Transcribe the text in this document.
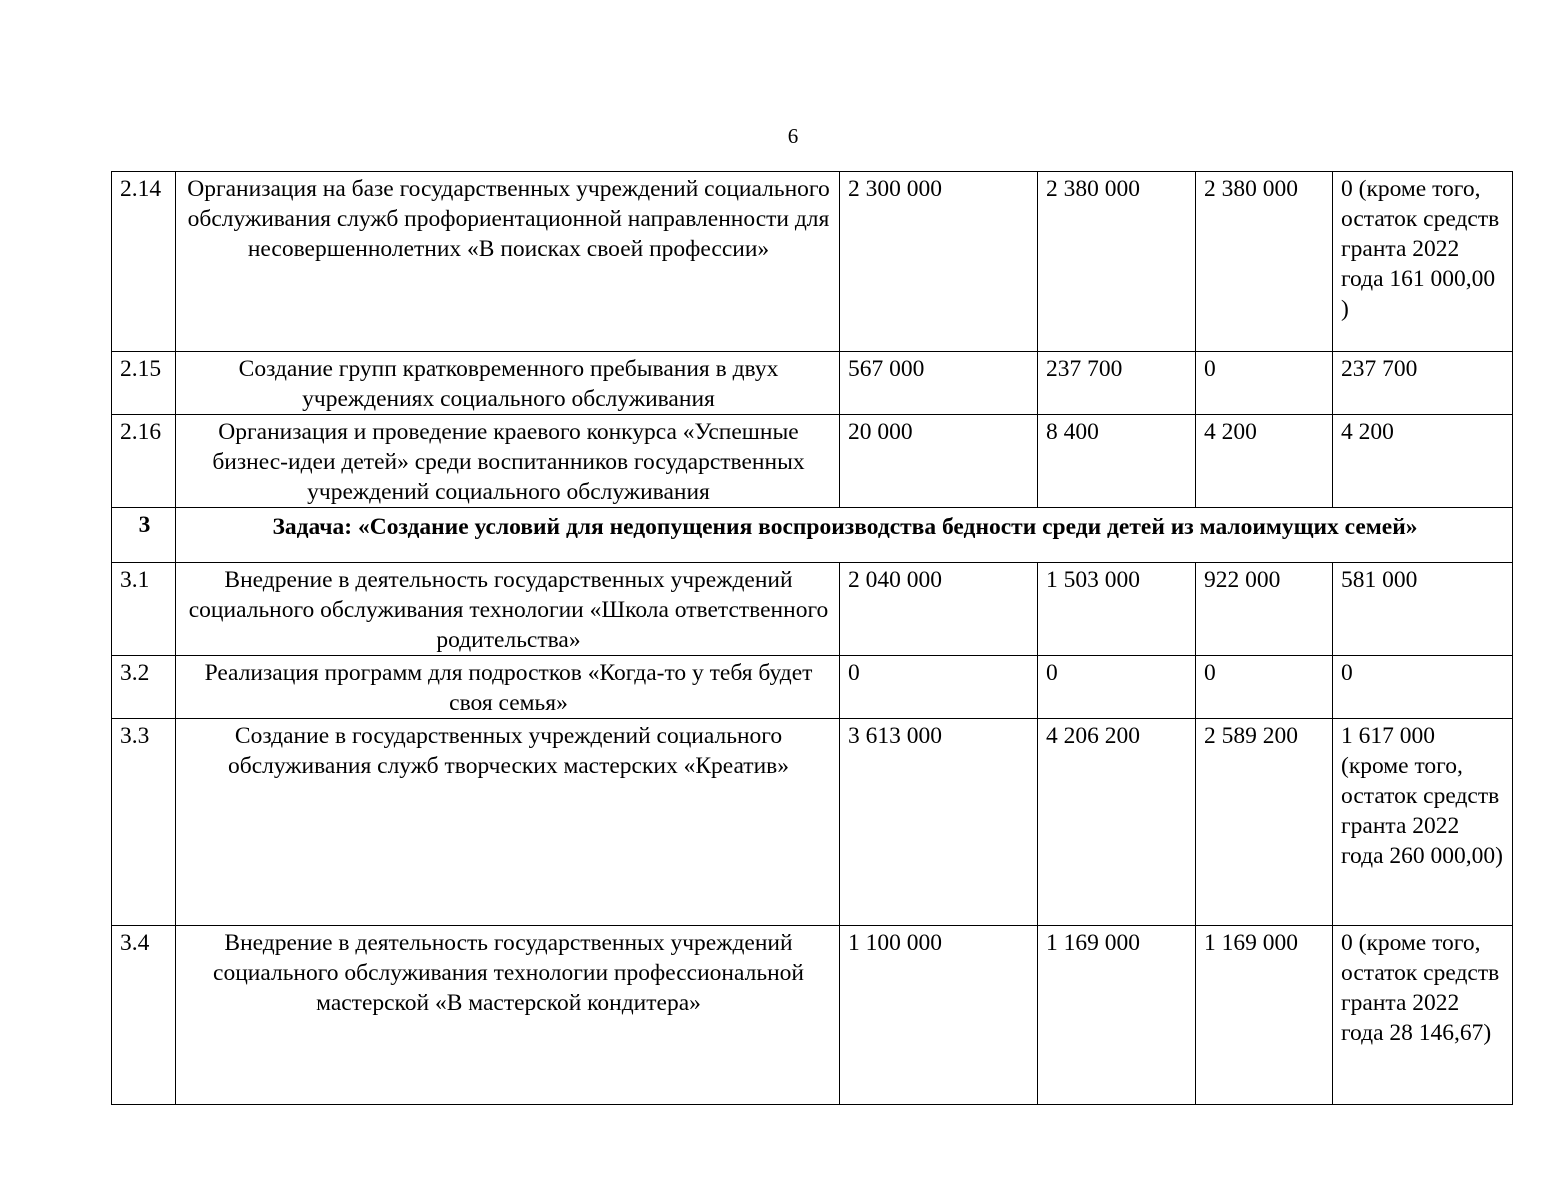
6
2.14	Организация на базе государственных учреждений социального обслуживания служб профориентационной направленности для несовершеннолетних «В поисках своей профессии»	2 300 000	2 380 000	2 380 000	0 (кроме того, остаток средств гранта 2022 года 161 000,00 )
2.15	Создание групп кратковременного пребывания в двух учреждениях социального обслуживания	567 000	237 700	0	237 700
2.16	Организация и проведение краевого конкурса «Успешные бизнес-идеи детей» среди воспитанников государственных учреждений социального обслуживания	20 000	8 400	4 200	4 200
3	Задача: «Создание условий для недопущения воспроизводства бедности среди детей из малоимущих семей»				
3.1	Внедрение в деятельность государственных учреждений социального обслуживания технологии «Школа ответственного родительства»	2 040 000	1 503 000	922 000	581 000
3.2	Реализация программ для подростков «Когда-то у тебя будет своя семья»	0	0	0	0
3.3	Создание в государственных учреждений социального обслуживания служб творческих мастерских «Креатив»	3 613 000	4 206 200	2 589 200	1 617 000 (кроме того, остаток средств гранта 2022 года 260 000,00)
3.4	Внедрение в деятельность государственных учреждений социального обслуживания технологии профессиональной мастерской «В мастерской кондитера»	1 100 000	1 169 000	1 169 000	0 (кроме того, остаток средств гранта 2022 года 28 146,67)
